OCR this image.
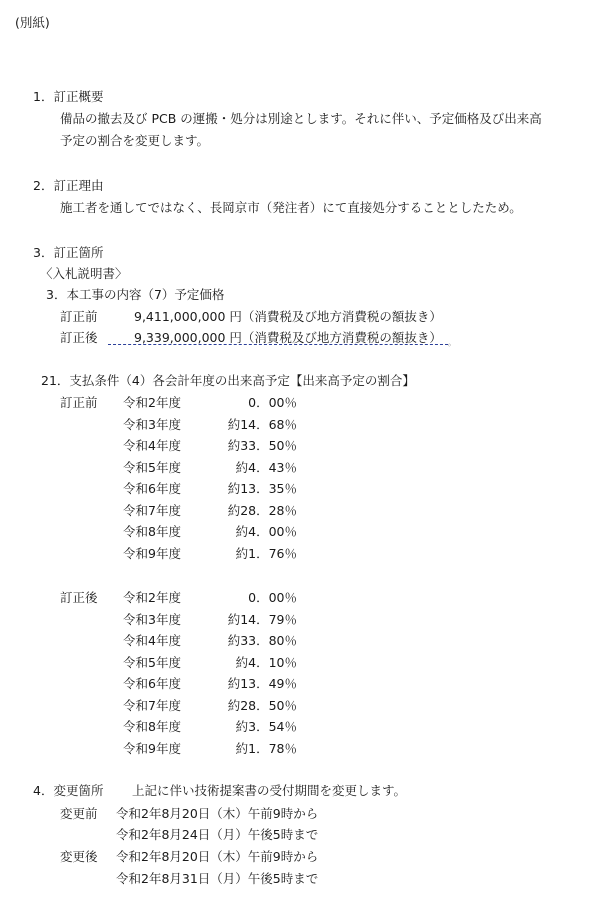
(別紙)
1．訂正概要
備品の撤去及び PCB の運搬・処分は別途とします。それに伴い、予定価格及び出来高
予定の割合を変更します。
2．訂正理由
施工者を通してではなく、長岡京市（発注者）にて直接処分することとしたため。
3．訂正箇所
〈入札説明書〉
3．本工事の内容（7）予定価格
訂正前	9,411,000,000 円（消費税及び地方消費税の額抜き）
訂正後	9,339,000,000 円（消費税及び地方消費税の額抜き）
◦
21．支払条件（4）各会計年度の出来高予定【出来高予定の割合】
訂正前 令和2年度	0．00％
令和3年度	約14．68％
令和4年度	約33．50％
令和5年度	約4．43％
令和6年度	約13．35％
令和7年度	約28．28％
令和8年度	約4．00％
令和9年度	約1．76％
訂正後 令和2年度	0．00％
令和3年度	約14．79％
令和4年度	約33．80％
令和5年度	約4．10％
令和6年度	約13．49％
令和7年度	約28．50％
令和8年度	約3．54％
令和9年度	約1．78％
4．変更箇所 上記に伴い技術提案書の受付期間を変更します。
変更前 令和2年8月20日（木）午前9時から
令和2年8月24日（月）午後5時まで
変更後 令和2年8月20日（木）午前9時から
令和2年8月31日（月）午後5時まで
